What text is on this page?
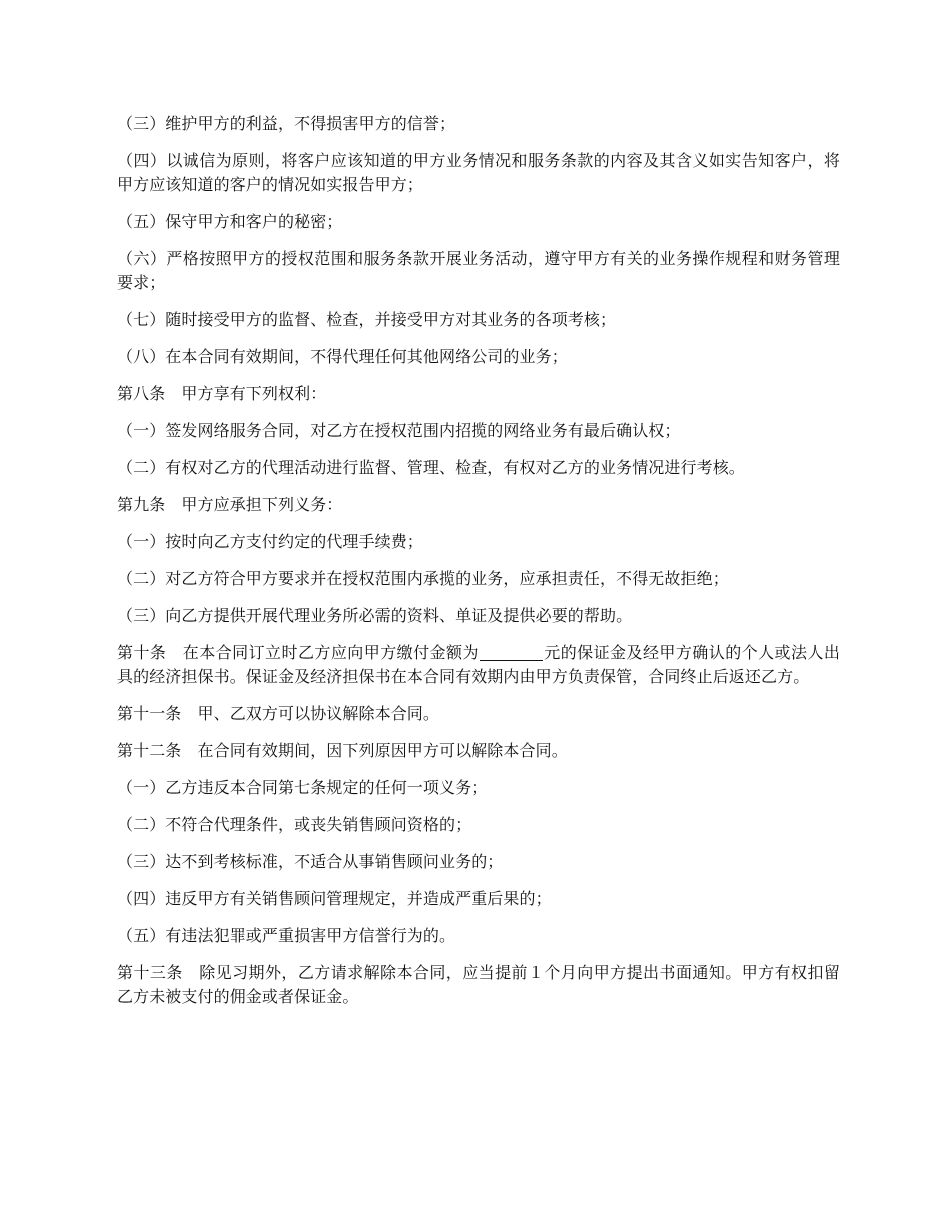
（三）维护甲方的利益，不得损害甲方的信誉；

（四）以诚信为原则，将客户应该知道的甲方业务情况和服务条款的内容及其含义如实告知客户，将甲方应该知道的客户的情况如实报告甲方；

（五）保守甲方和客户的秘密；

（六）严格按照甲方的授权范围和服务条款开展业务活动，遵守甲方有关的业务操作规程和财务管理要求；

（七）随时接受甲方的监督、检查，并接受甲方对其业务的各项考核；

（八）在本合同有效期间，不得代理任何其他网络公司的业务；

第八条　甲方享有下列权利：

（一）签发网络服务合同，对乙方在授权范围内招揽的网络业务有最后确认权；

（二）有权对乙方的代理活动进行监督、管理、检查，有权对乙方的业务情况进行考核。

第九条　甲方应承担下列义务：

（一）按时向乙方支付约定的代理手续费；

（二）对乙方符合甲方要求并在授权范围内承揽的业务，应承担责任，不得无故拒绝；

（三）向乙方提供开展代理业务所必需的资料、单证及提供必要的帮助。

第十条　在本合同订立时乙方应向甲方缴付金额为	元的保证金及经甲方确认的个人或法人出具的经济担保书。保证金及经济担保书在本合同有效期内由甲方负责保管，合同终止后返还乙方。

第十一条　甲、乙双方可以协议解除本合同。

第十二条　在合同有效期间，因下列原因甲方可以解除本合同。

（一）乙方违反本合同第七条规定的任何一项义务；

（二）不符合代理条件，或丧失销售顾问资格的；

（三）达不到考核标准，不适合从事销售顾问业务的；

（四）违反甲方有关销售顾问管理规定，并造成严重后果的；

（五）有违法犯罪或严重损害甲方信誉行为的。

第十三条　除见习期外，乙方请求解除本合同，应当提前１个月向甲方提出书面通知。甲方有权扣留乙方未被支付的佣金或者保证金。
